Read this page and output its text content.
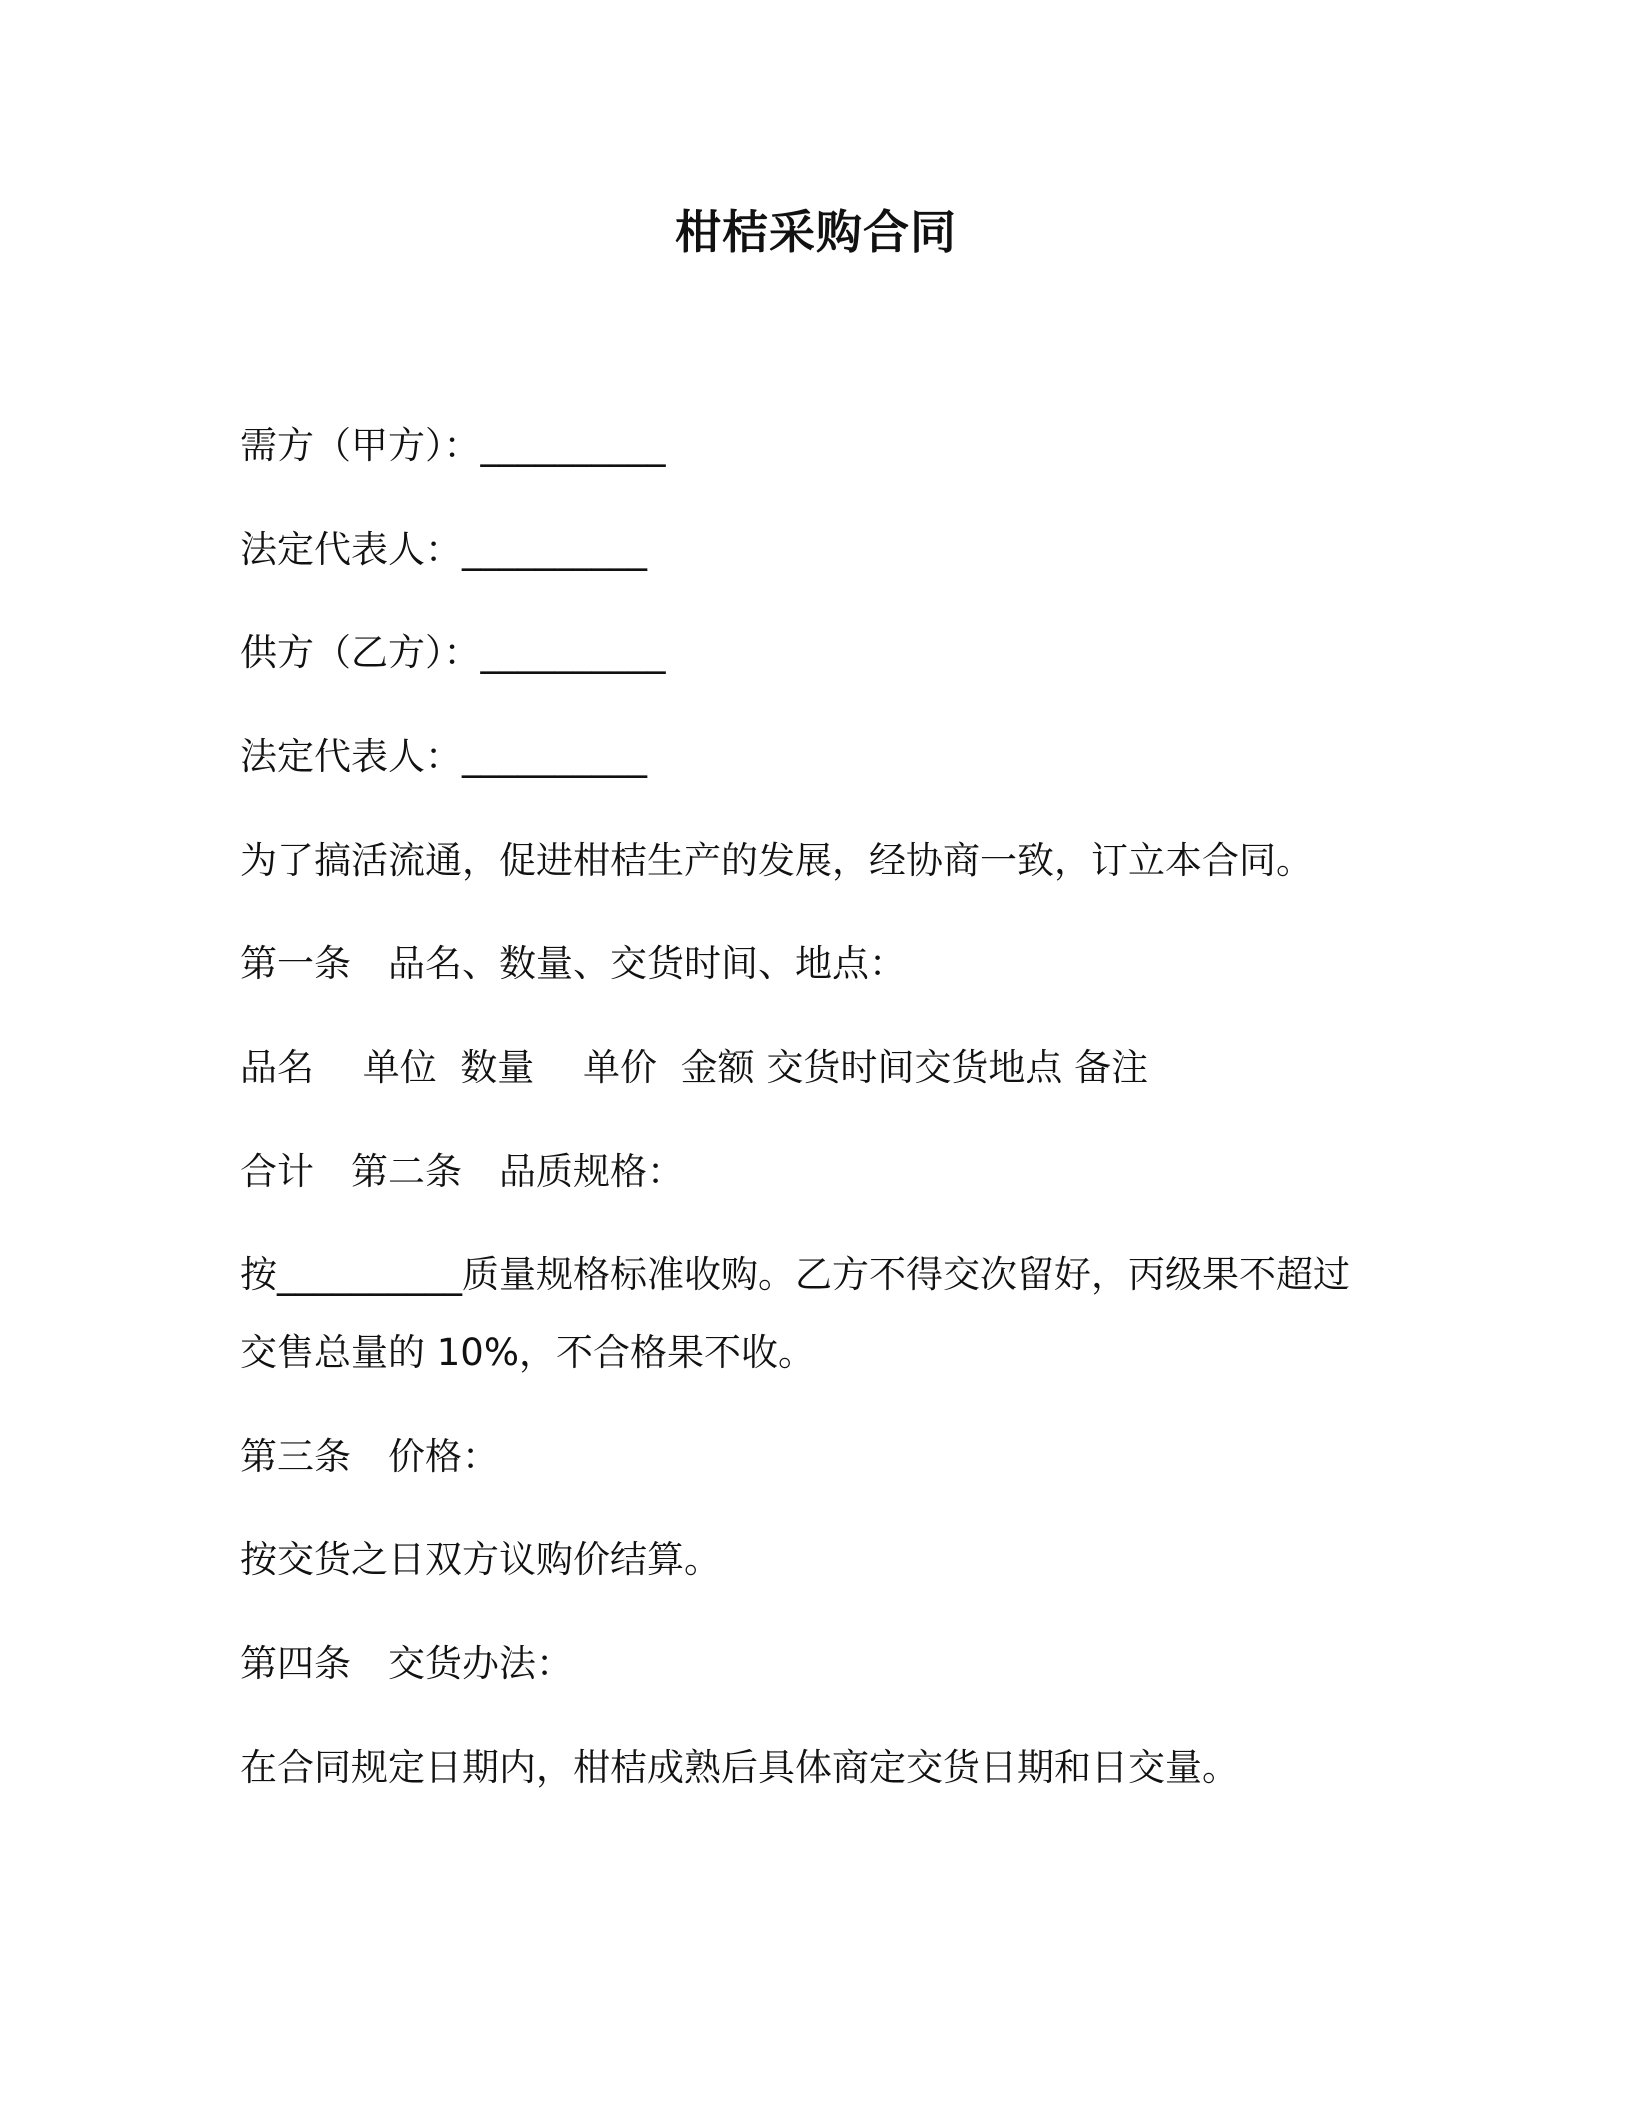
柑桔采购合同
需方（甲方）：__________
法定代表人：__________
供方（乙方）：__________
法定代表人：__________
为了搞活流通，促进柑桔生产的发展，经协商一致，订立本合同。
第一条　品名、数量、交货时间、地点：
品名　 单位  数量　 单价  金额 交货时间交货地点 备注
合计　第二条　品质规格：
按__________质量规格标准收购。乙方不得交次留好，丙级果不超过
交售总量的 10%，不合格果不收。
第三条　价格：
按交货之日双方议购价结算。
第四条　交货办法：
在合同规定日期内，柑桔成熟后具体商定交货日期和日交量。
